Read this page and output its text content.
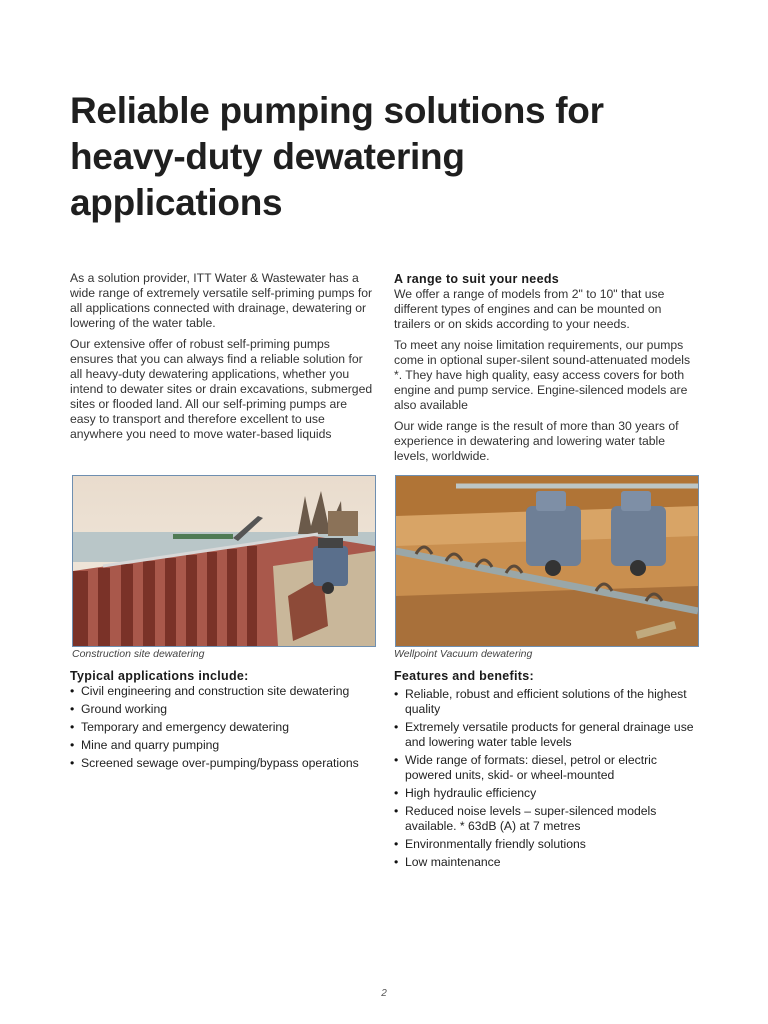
Reliable pumping solutions for heavy-duty dewatering applications

As a solution provider, ITT Water & Wastewater has a wide range of extremely versatile self-priming pumps for all applications connected with drainage, dewatering or lowering of the water table.

Our extensive offer of robust self-priming pumps ensures that you can always find a reliable solution for all heavy-duty dewatering applications, whether you intend to dewater sites or drain excavations, submerged sites or flooded land. All our self-priming pumps are easy to transport and therefore excellent to use anywhere you need to move water-based liquids

A range to suit your needs

We offer a range of models from 2" to 10" that use different types of engines and can be mounted on trailers or on skids according to your needs.

To meet any noise limitation requirements, our pumps come in optional super-silent sound-attenuated models *. They have high quality, easy access covers for both engine and pump service. Engine-silenced models are also available

Our wide range is the result of more than 30 years of experience in dewatering and lowering water table levels, worldwide.

Construction site dewatering	Wellpoint Vacuum dewatering
Typical applications include:
• Civil engineering and construction site dewatering
• Ground working
• Temporary and emergency dewatering
• Mine and quarry pumping
• Screened sewage over-pumping/bypass operations
Features and benefits:
• Reliable, robust and efficient solutions of the highest quality
• Extremely versatile products for general drainage use and lowering water table levels
• Wide range of formats: diesel, petrol or electric powered units, skid- or wheel-mounted
• High hydraulic efficiency
• Reduced noise levels – super-silenced models available. * 63dB (A) at 7 metres
• Environmentally friendly solutions
• Low maintenance
2
